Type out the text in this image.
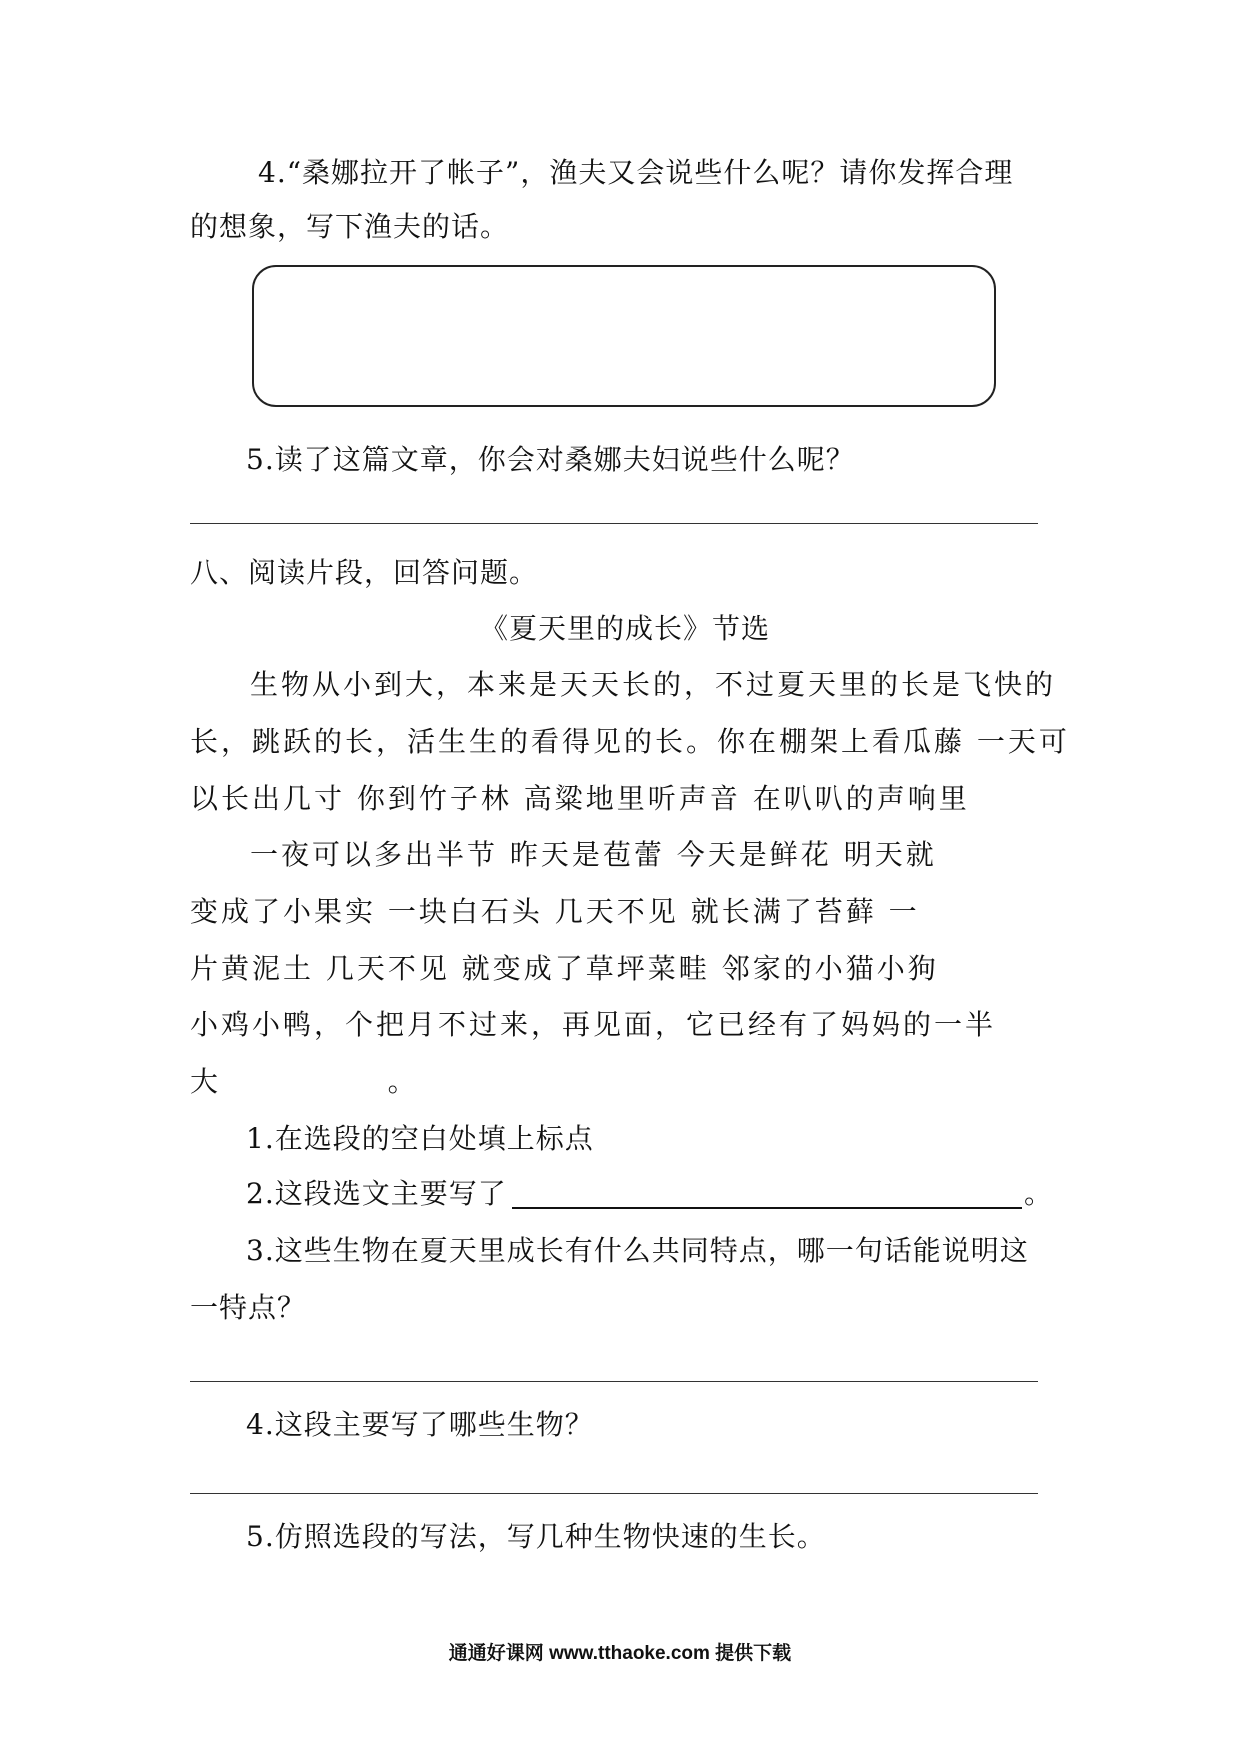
4.“桑娜拉开了帐子”，渔夫又会说些什么呢？请你发挥合理
的想象，写下渔夫的话。
5.读了这篇文章，你会对桑娜夫妇说些什么呢？
八、阅读片段，回答问题。
《夏天里的成长》节选
生物从小到大，本来是天天长的，不过夏天里的长是飞快的
长，跳跃的长，活生生的看得见的长。你在棚架上看瓜藤 一天可
以长出几寸 你到竹子林 高粱地里听声音 在叭叭的声响里
一夜可以多出半节 昨天是苞蕾 今天是鲜花 明天就
变成了小果实 一块白石头 几天不见 就长满了苔藓 一
片黄泥土 几天不见 就变成了草坪菜畦 邻家的小猫小狗
小鸡小鸭，个把月不过来，再见面，它已经有了妈妈的一半
大              。
1.在选段的空白处填上标点
2.这段选文主要写了	。
3.这些生物在夏天里成长有什么共同特点，哪一句话能说明这
一特点？
4.这段主要写了哪些生物？
5.仿照选段的写法，写几种生物快速的生长。
通通好课网 www.tthaoke.com 提供下载
